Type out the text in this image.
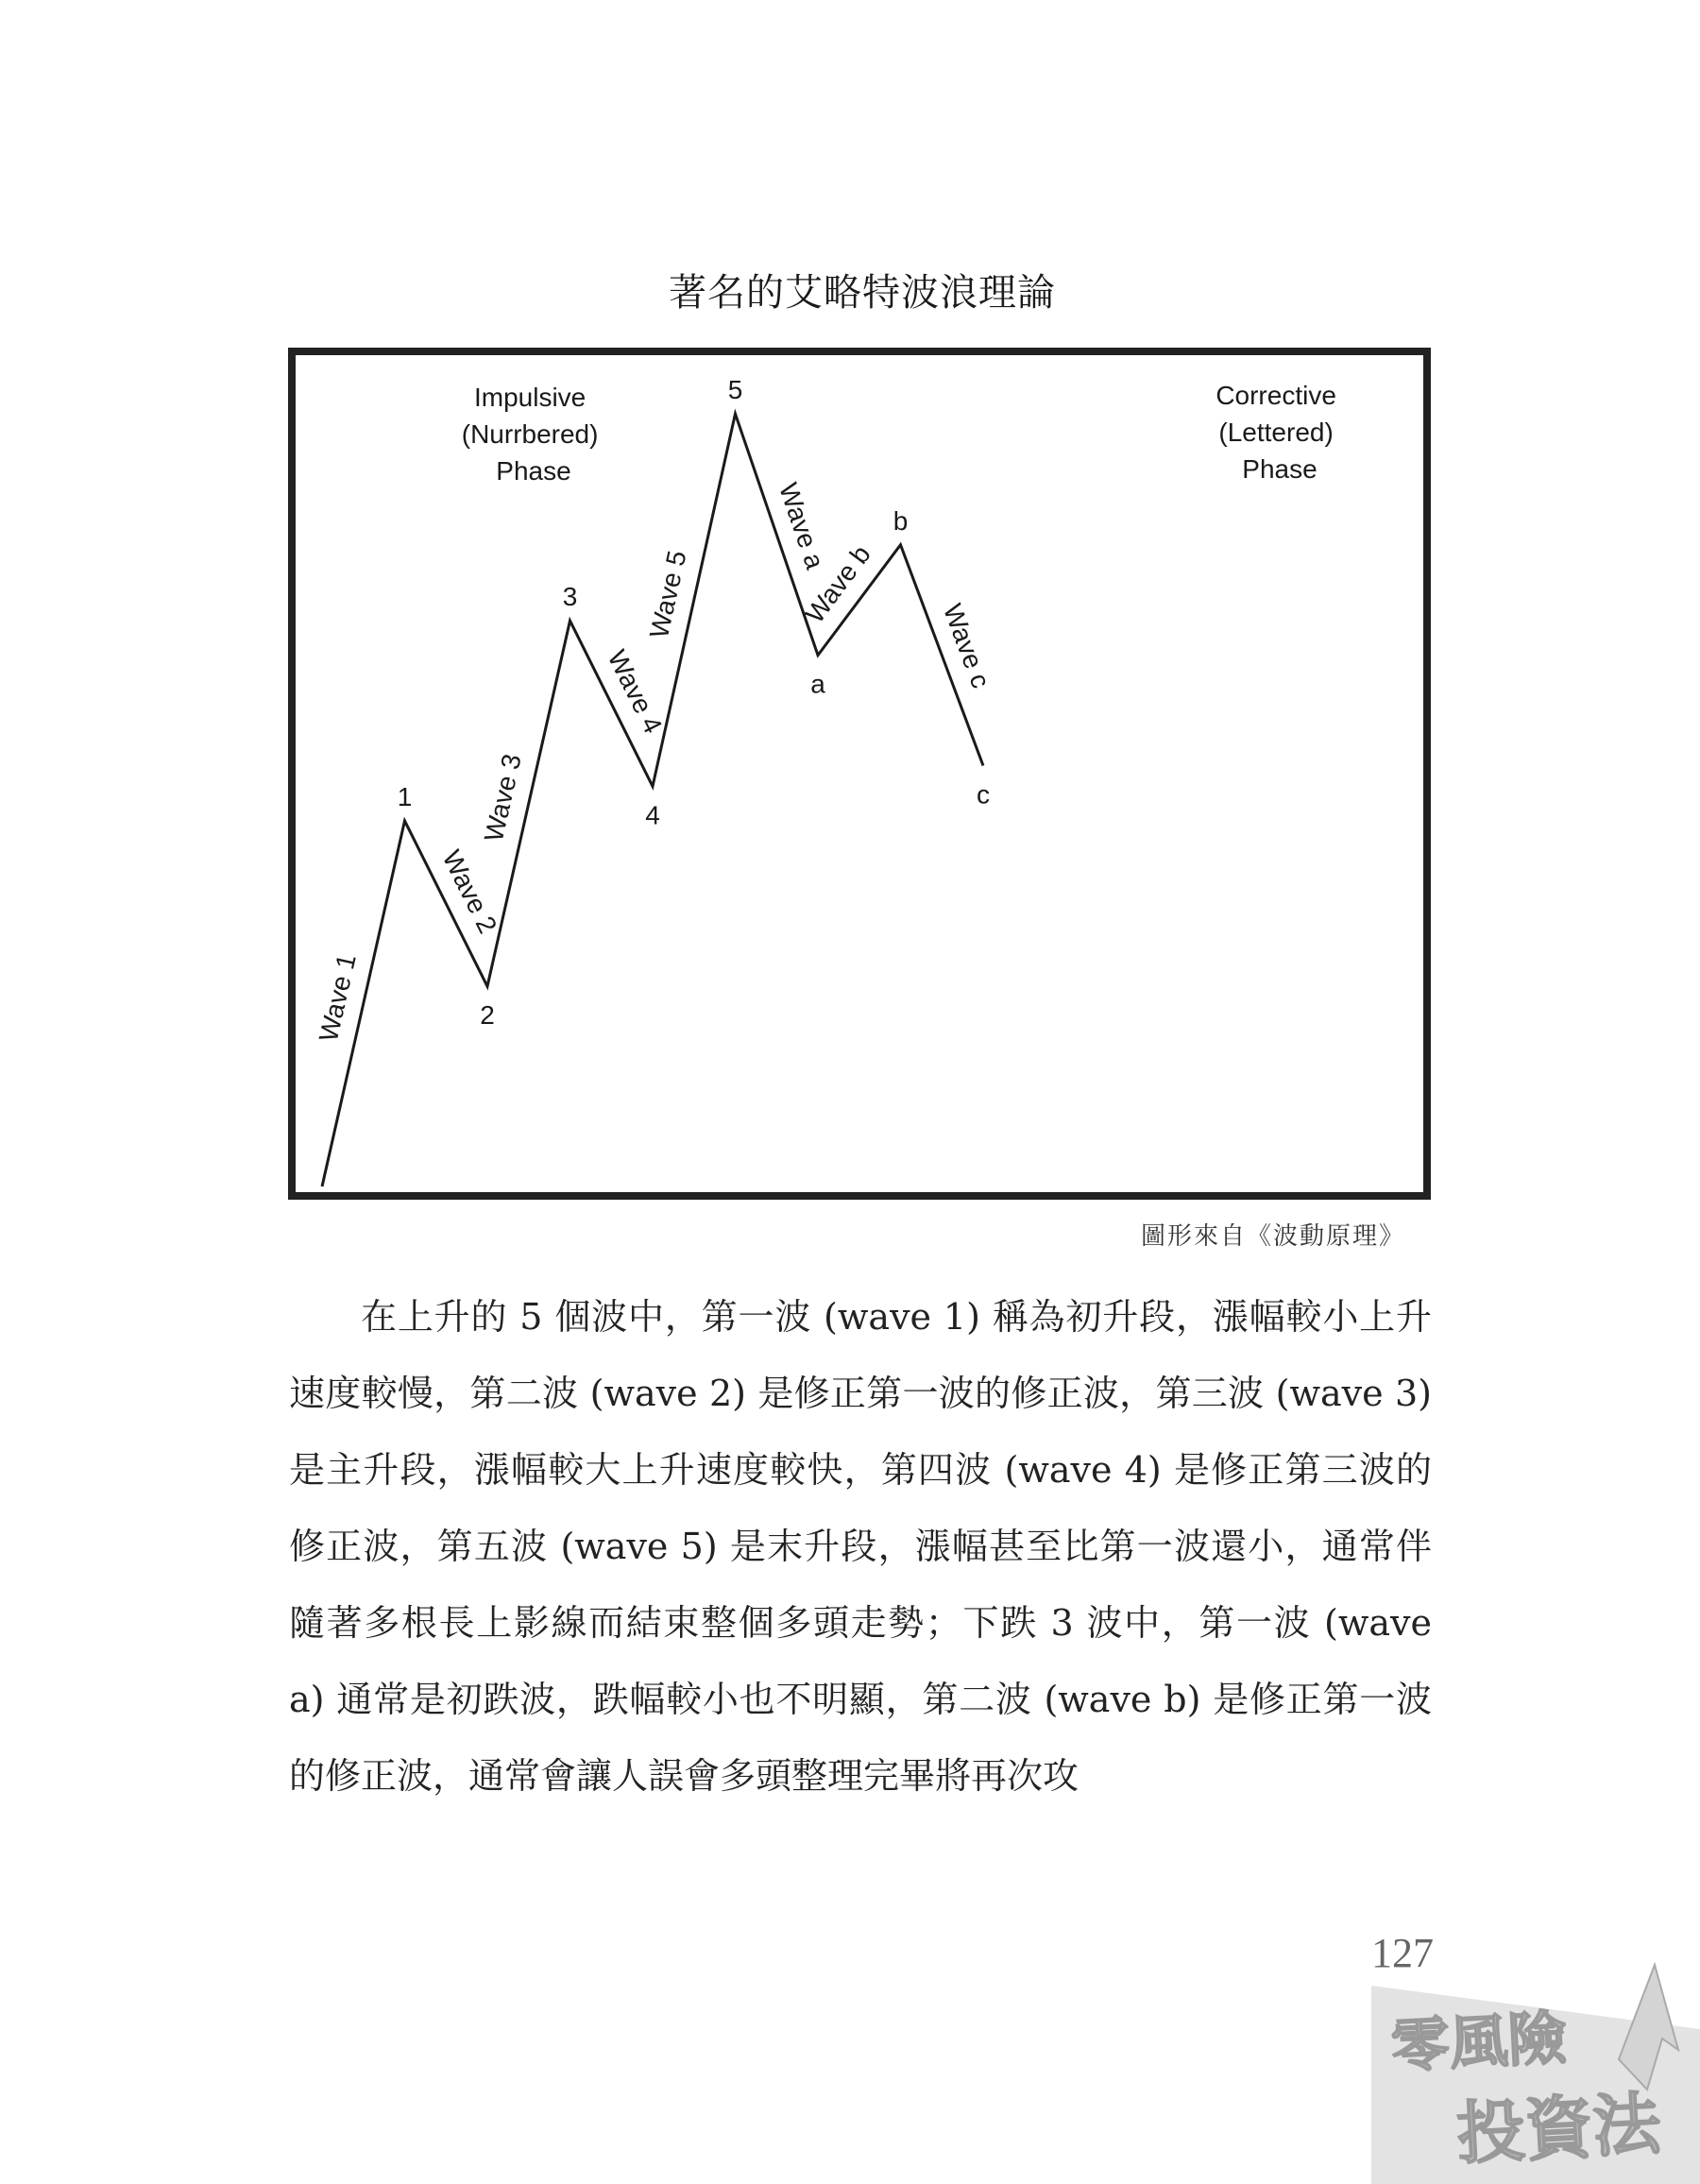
著名的艾略特波浪理論
Impulsive (Nurrbered) Phase
Corrective (Lettered) Phase
1
2
3
4
5
a
b
c
Wave 1
Wave 2
Wave 3
Wave 4
Wave 5
Wave a
Wave b
Wave c
圖形來自《波動原理》

在上升的 5 個波中，第一波 (wave 1) 稱為初升段，漲幅較小上升速度較慢，第二波 (wave 2) 是修正第一波的修正波，第三波 (wave 3) 是主升段，漲幅較大上升速度較快，第四波 (wave 4) 是修正第三波的修正波，第五波 (wave 5) 是末升段，漲幅甚至比第一波還小，通常伴隨著多根長上影線而結束整個多頭走勢；下跌 3 波中，第一波 (wave a) 通常是初跌波，跌幅較小也不明顯，第二波 (wave b) 是修正第一波的修正波，通常會讓人誤會多頭整理完畢將再次攻

127
零風險
投資法
